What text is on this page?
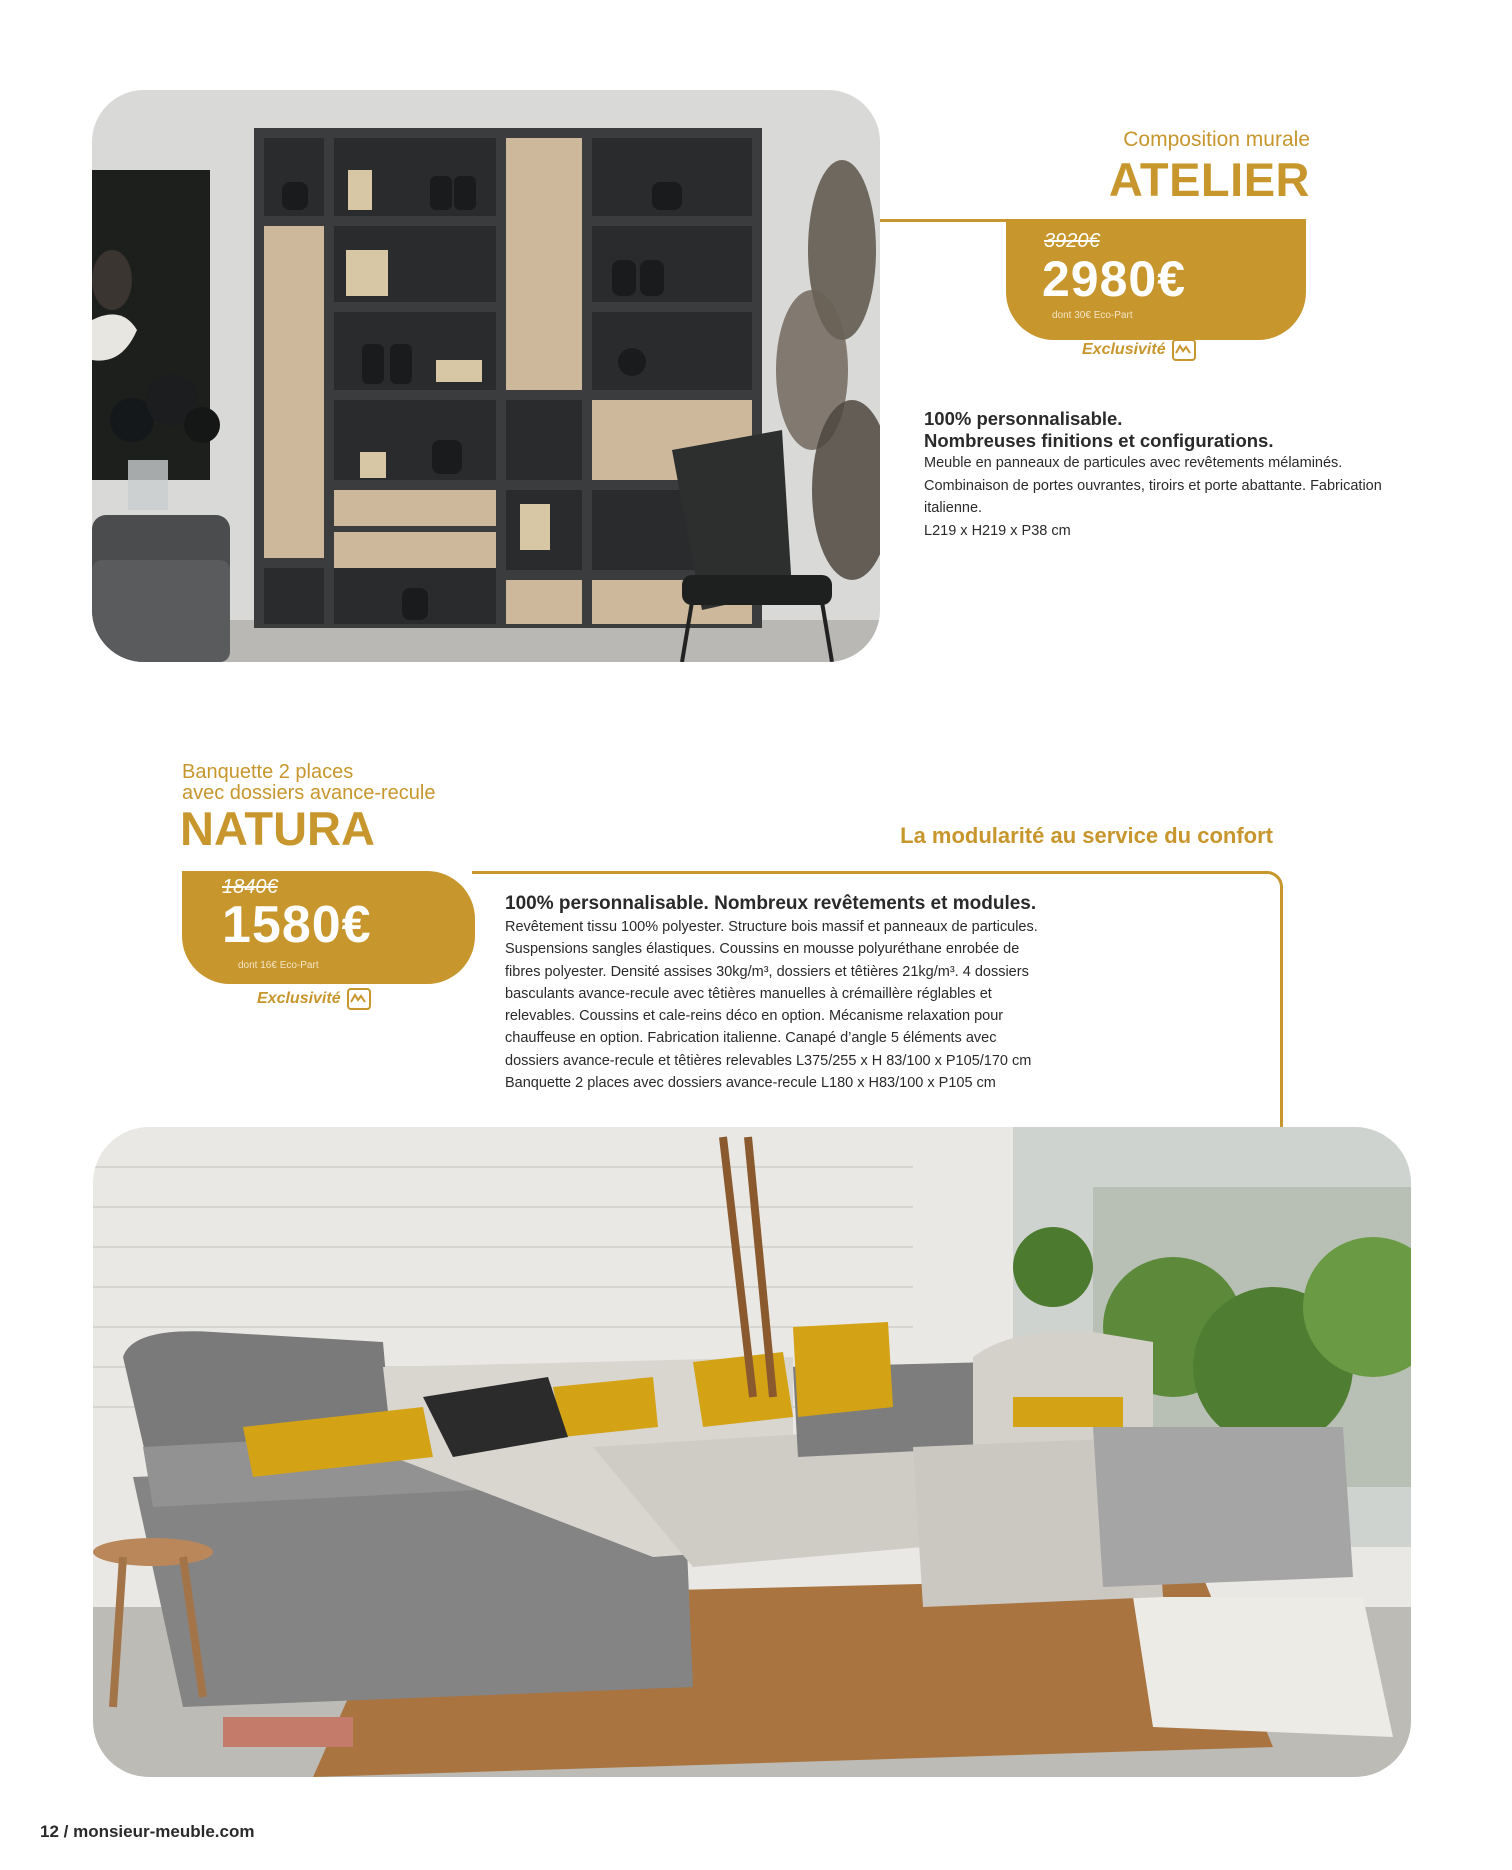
Composition murale
ATELIER
3920€
2980€
dont 30€ Eco-Part
Exclusivité
100% personnalisable.
Nombreuses finitions et configurations.
Meuble en panneaux de particules avec revêtements mélaminés. Combinaison de portes ouvrantes, tiroirs et porte abattante. Fabrication italienne.
L219 x H219 x P38 cm
Banquette 2 places
avec dossiers avance-recule
NATURA	La modularité au service du confort
1840€
1580€
dont 16€ Eco-Part
Exclusivité
100% personnalisable. Nombreux revêtements et modules.
Revêtement tissu 100% polyester. Structure bois massif et panneaux de particules.
Suspensions sangles élastiques. Coussins en mousse polyuréthane enrobée de
fibres polyester. Densité assises 30kg/m³, dossiers et têtières 21kg/m³. 4 dossiers
basculants avance-recule avec têtières manuelles à crémaillère réglables et
relevables. Coussins et cale-reins déco en option. Mécanisme relaxation pour
chauffeuse en option. Fabrication italienne. Canapé d’angle 5 éléments avec
dossiers avance-recule et têtières relevables L375/255 x H 83/100 x P105/170 cm
Banquette 2 places avec dossiers avance-recule L180 x H83/100 x P105 cm
12 / monsieur-meuble.com
